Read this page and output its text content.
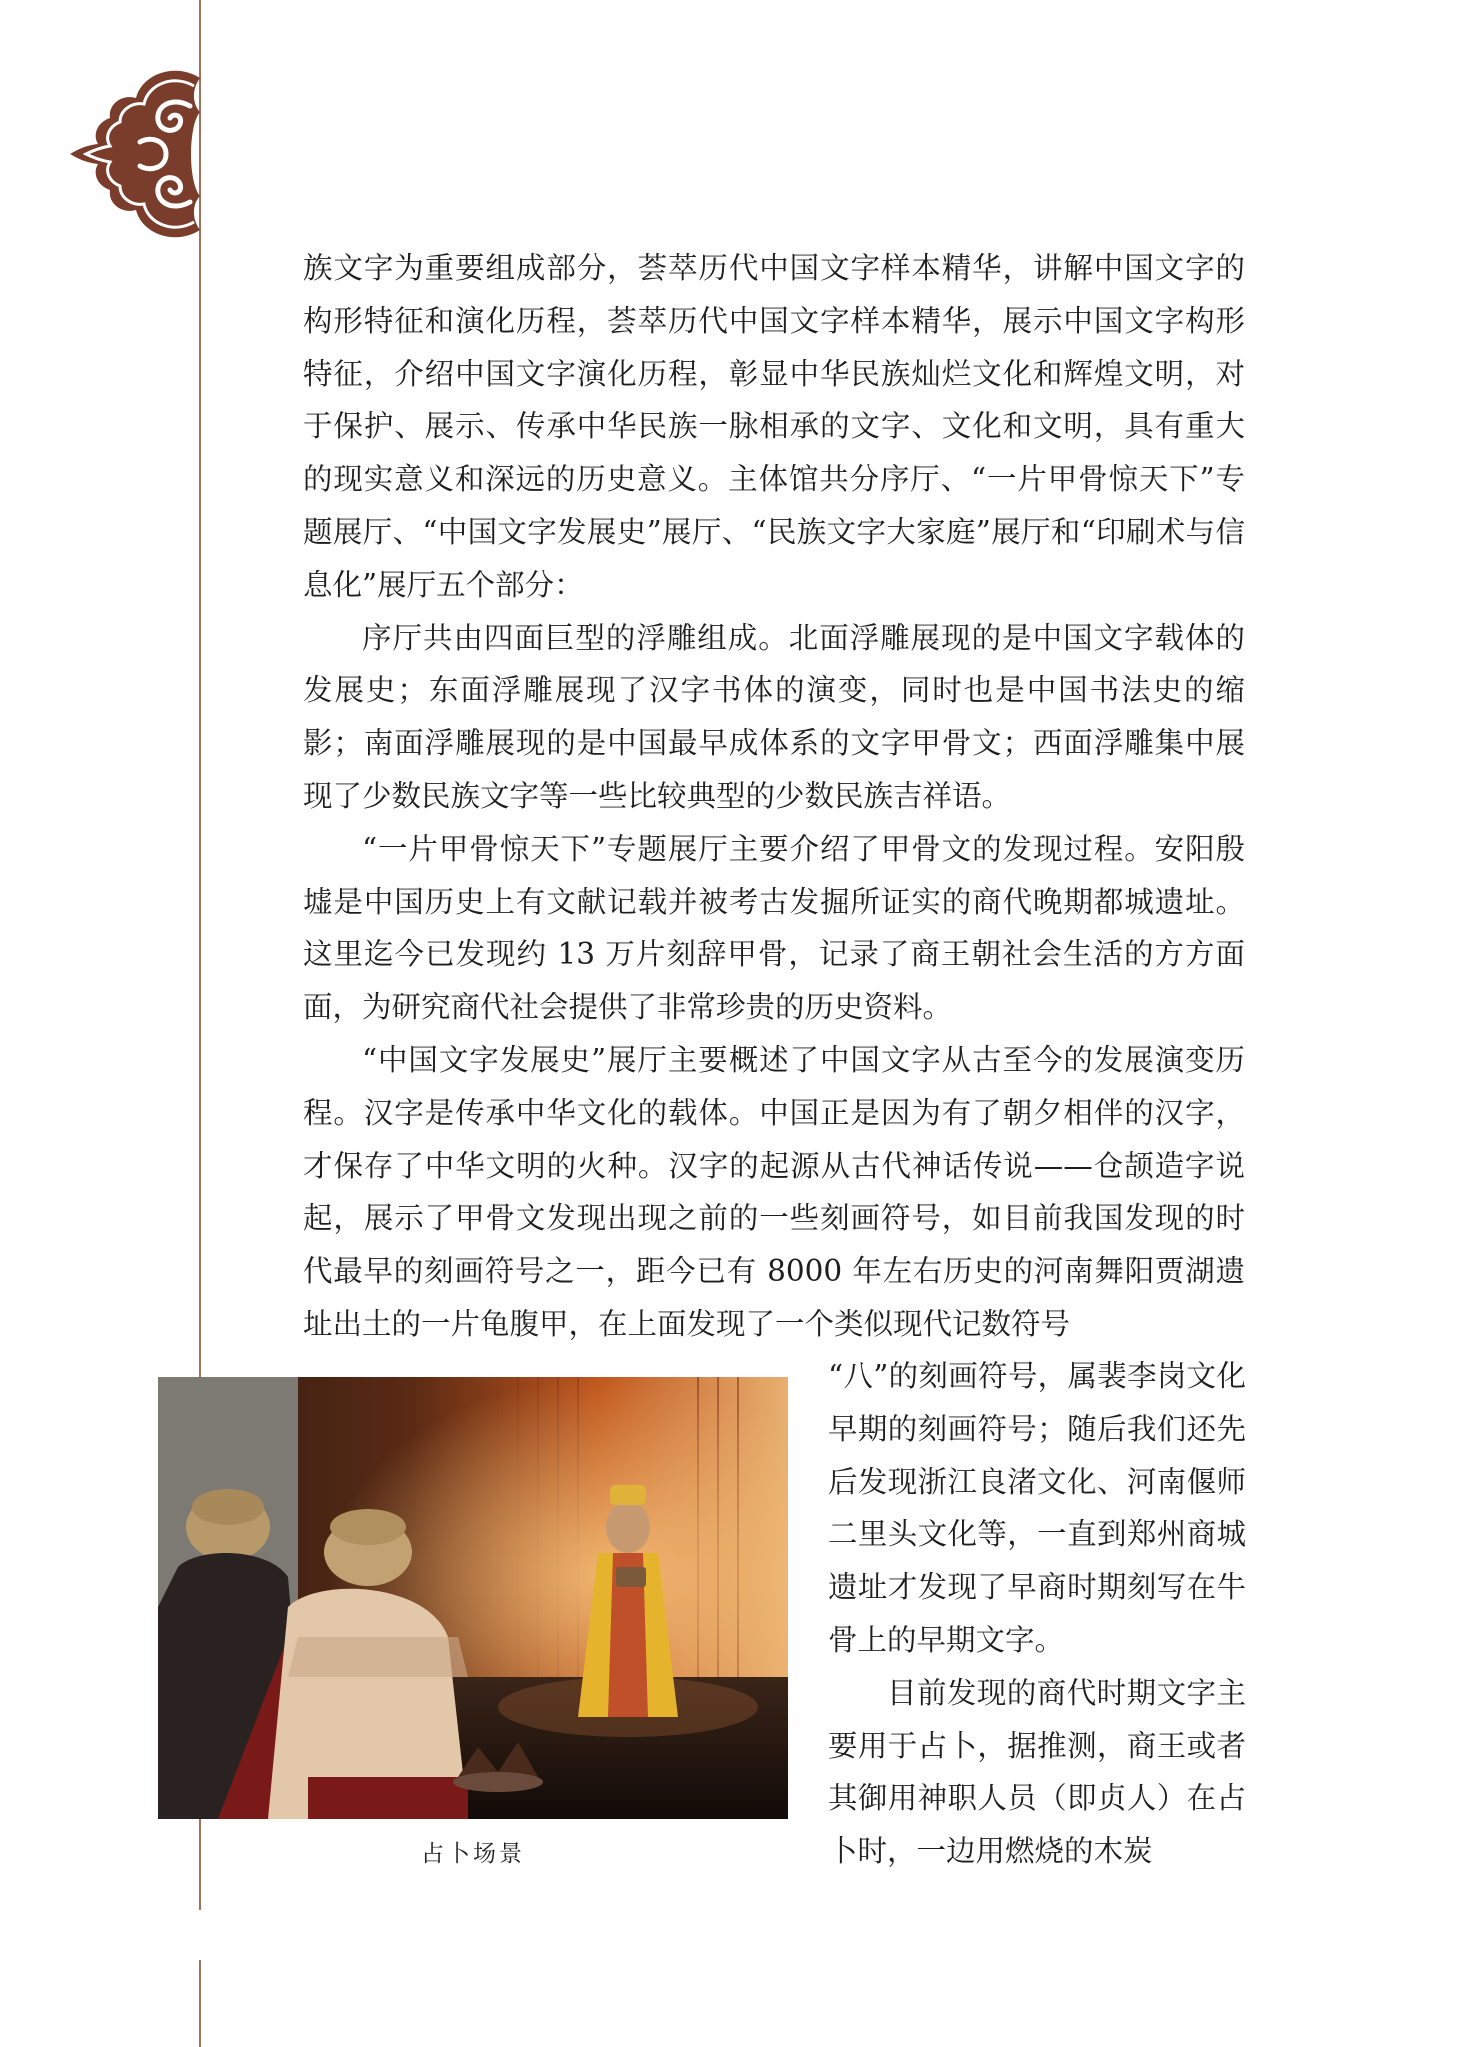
族文字为重要组成部分，荟萃历代中国文字样本精华，讲解中国文字的构形特征和演化历程，荟萃历代中国文字样本精华，展示中国文字构形特征，介绍中国文字演化历程，彰显中华民族灿烂文化和辉煌文明，对于保护、展示、传承中华民族一脉相承的文字、文化和文明，具有重大的现实意义和深远的历史意义。主体馆共分序厅、“一片甲骨惊天下”专题展厅、“中国文字发展史”展厅、“民族文字大家庭”展厅和“印刷术与信息化”展厅五个部分：

序厅共由四面巨型的浮雕组成。北面浮雕展现的是中国文字载体的发展史；东面浮雕展现了汉字书体的演变，同时也是中国书法史的缩影；南面浮雕展现的是中国最早成体系的文字甲骨文；西面浮雕集中展现了少数民族文字等一些比较典型的少数民族吉祥语。

“一片甲骨惊天下”专题展厅主要介绍了甲骨文的发现过程。安阳殷墟是中国历史上有文献记载并被考古发掘所证实的商代晚期都城遗址。这里迄今已发现约 13 万片刻辞甲骨，记录了商王朝社会生活的方方面面，为研究商代社会提供了非常珍贵的历史资料。

“中国文字发展史”展厅主要概述了中国文字从古至今的发展演变历程。汉字是传承中华文化的载体。中国正是因为有了朝夕相伴的汉字，才保存了中华文明的火种。汉字的起源从古代神话传说——仓颉造字说起，展示了甲骨文发现出现之前的一些刻画符号，如目前我国发现的时代最早的刻画符号之一，距今已有 8000 年左右历史的河南舞阳贾湖遗址出土的一片龟腹甲，在上面发现了一个类似现代记数符号

“八”的刻画符号，属裴李岗文化早期的刻画符号；随后我们还先后发现浙江良渚文化、河南偃师二里头文化等，一直到郑州商城遗址才发现了早商时期刻写在牛骨上的早期文字。

目前发现的商代时期文字主要用于占卜，据推测，商王或者其御用神职人员（即贞人）在占卜时，一边用燃烧的木炭

占卜场景
